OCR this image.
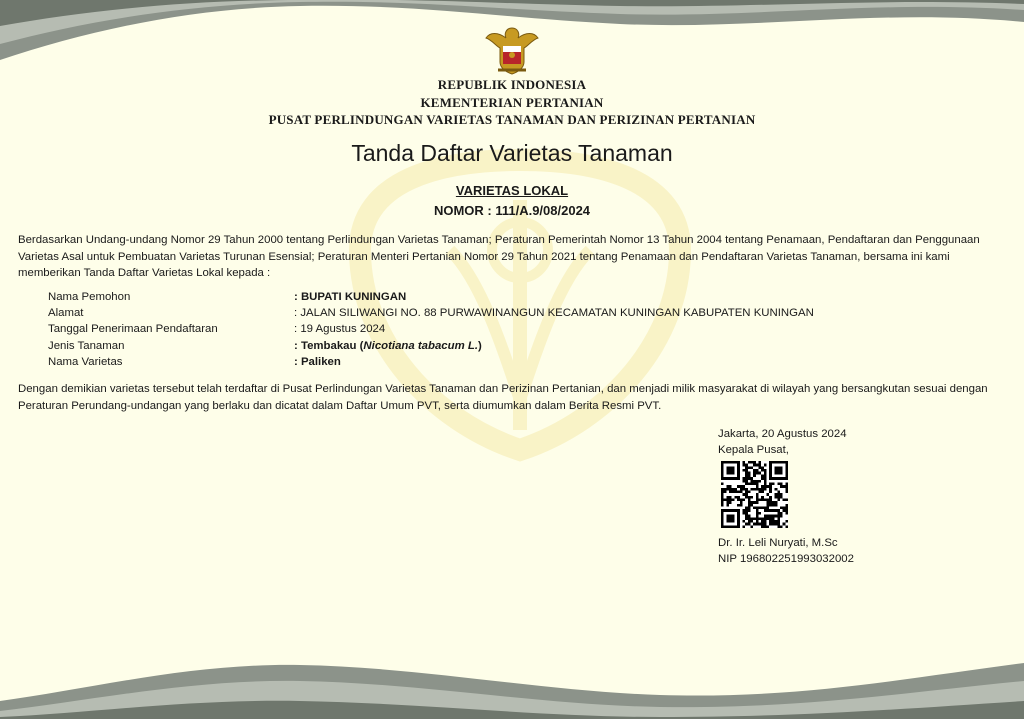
REPUBLIK INDONESIA
KEMENTERIAN PERTANIAN
PUSAT PERLINDUNGAN VARIETAS TANAMAN DAN PERIZINAN PERTANIAN
Tanda Daftar Varietas Tanaman
VARIETAS LOKAL
NOMOR : 111/A.9/08/2024
Berdasarkan Undang-undang Nomor 29 Tahun 2000 tentang Perlindungan Varietas Tanaman; Peraturan Pemerintah Nomor 13 Tahun 2004 tentang Penamaan, Pendaftaran dan Penggunaan Varietas Asal untuk Pembuatan Varietas Turunan Esensial; Peraturan Menteri Pertanian Nomor 29 Tahun 2021 tentang Penamaan dan Pendaftaran Varietas Tanaman, bersama ini kami memberikan Tanda Daftar Varietas Lokal kepada :
Nama Pemohon	: BUPATI KUNINGAN
Alamat	: JALAN SILIWANGI NO. 88 PURWAWINANGUN KECAMATAN KUNINGAN KABUPATEN KUNINGAN
Tanggal Penerimaan Pendaftaran	: 19 Agustus 2024
Jenis Tanaman	: Tembakau (Nicotiana tabacum L.)
Nama Varietas	: Paliken
Dengan demikian varietas tersebut telah terdaftar di Pusat Perlindungan Varietas Tanaman dan Perizinan Pertanian, dan menjadi milik masyarakat di wilayah yang bersangkutan sesuai dengan Peraturan Perundang-undangan yang berlaku dan dicatat dalam Daftar Umum PVT, serta diumumkan dalam Berita Resmi PVT.
Jakarta, 20 Agustus 2024
Kepala Pusat,
Dr. Ir. Leli Nuryati, M.Sc
NIP 196802251993032002
